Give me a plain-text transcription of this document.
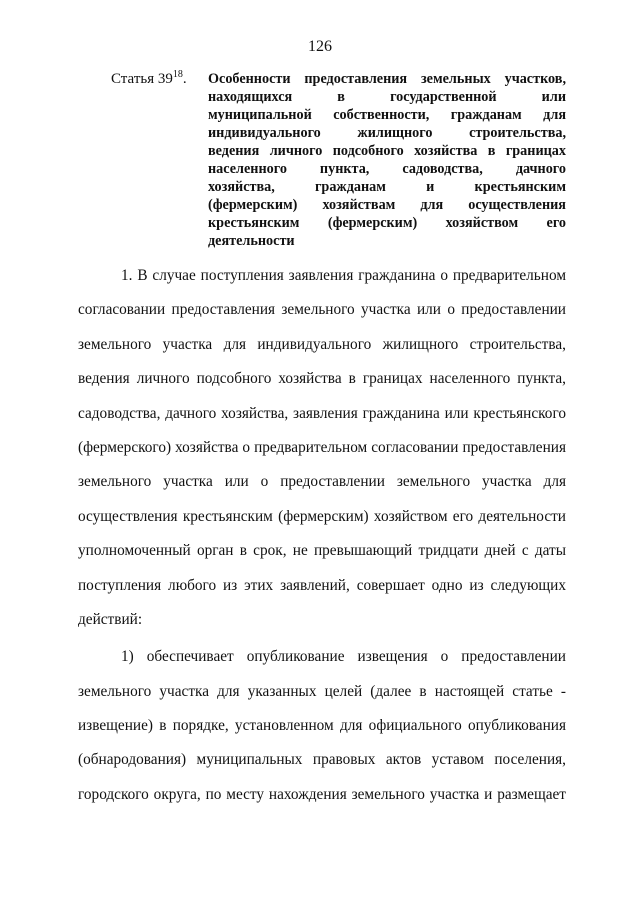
126
Статья $39^{18}$. Особенности предоставления земельных участков,
находящихся в государственной или
муниципальной собственности, гражданам для
индивидуального жилищного строительства,
ведения личного подсобного хозяйства в границах
населенного пункта, садоводства, дачного
хозяйства, гражданам и крестьянским
(фермерским) хозяйствам для осуществления
крестьянским (фермерским) хозяйством его
деятельности
1. В случае поступления заявления гражданина о предварительном
согласовании предоставления земельного участка или о предоставлении
земельного участка для индивидуального жилищного строительства,
ведения личного подсобного хозяйства в границах населенного пункта,
садоводства, дачного хозяйства, заявления гражданина или крестьянского
(фермерского) хозяйства о предварительном согласовании предоставления
земельного участка или о предоставлении земельного участка для
осуществления крестьянским (фермерским) хозяйством его деятельности
уполномоченный орган в срок, не превышающий тридцати дней с даты
поступления любого из этих заявлений, совершает одно из следующих
действий:
1) обеспечивает опубликование извещения о предоставлении
земельного участка для указанных целей (далее в настоящей статье -
извещение) в порядке, установленном для официального опубликования
(обнародования) муниципальных правовых актов уставом поселения,
городского округа, по месту нахождения земельного участка и размещает
